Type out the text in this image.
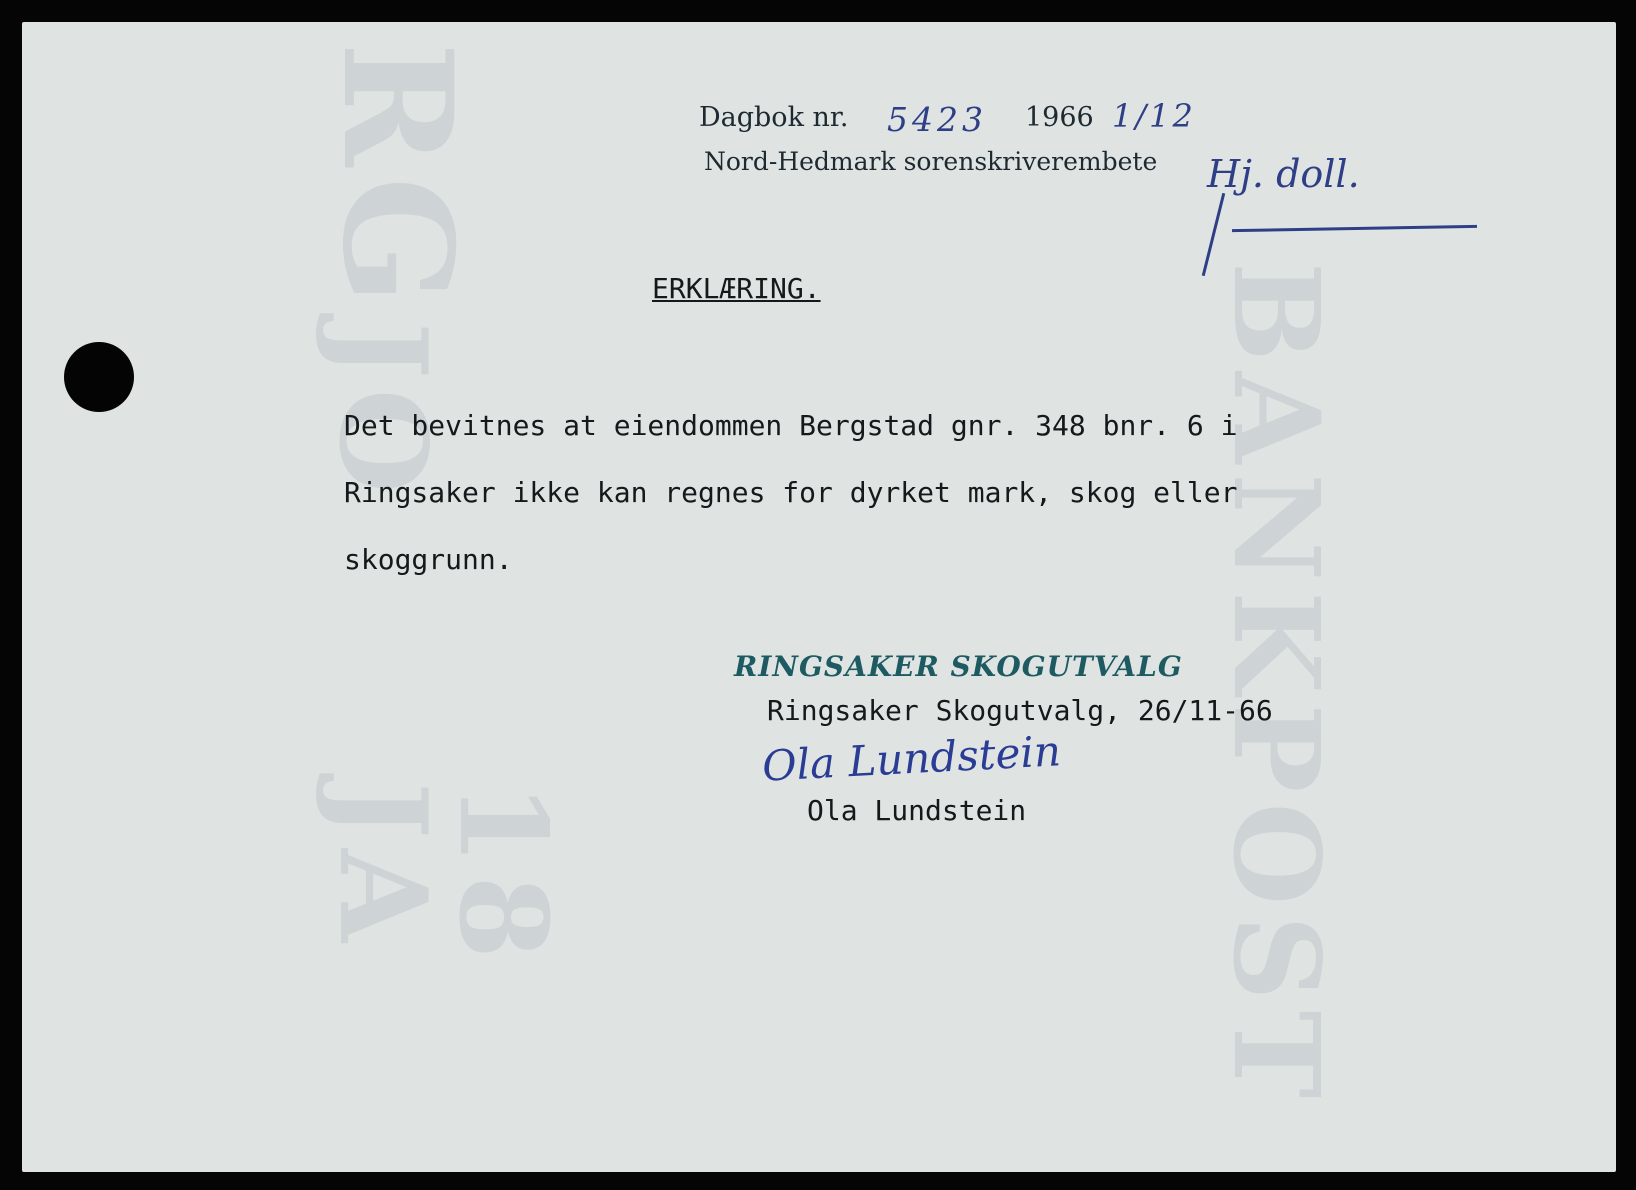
RG
JO
18 JA	BANKPOST
Dagbok nr. 5423 1966 1/12
Nord-Hedmark sorenskriverembete Hj. doll.
ERKLÆRING.
Det bevitnes at eiendommen Bergstad gnr. 348 bnr. 6 i
Ringsaker ikke kan regnes for dyrket mark, skog eller
skoggrunn.
RINGSAKER SKOGUTVALG
Ringsaker Skogutvalg, 26/11-66
Ola Lundstein
Ola Lundstein
